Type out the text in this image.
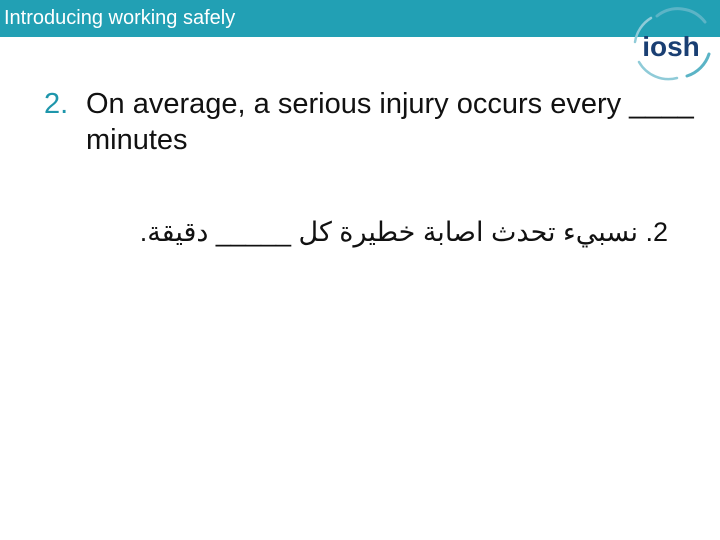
Introducing working safely
iosh
2. On average, a serious injury occurs every ____ minutes
2. نسبيء تحدث اصابة خطيرة كل _____ دقيقة.
